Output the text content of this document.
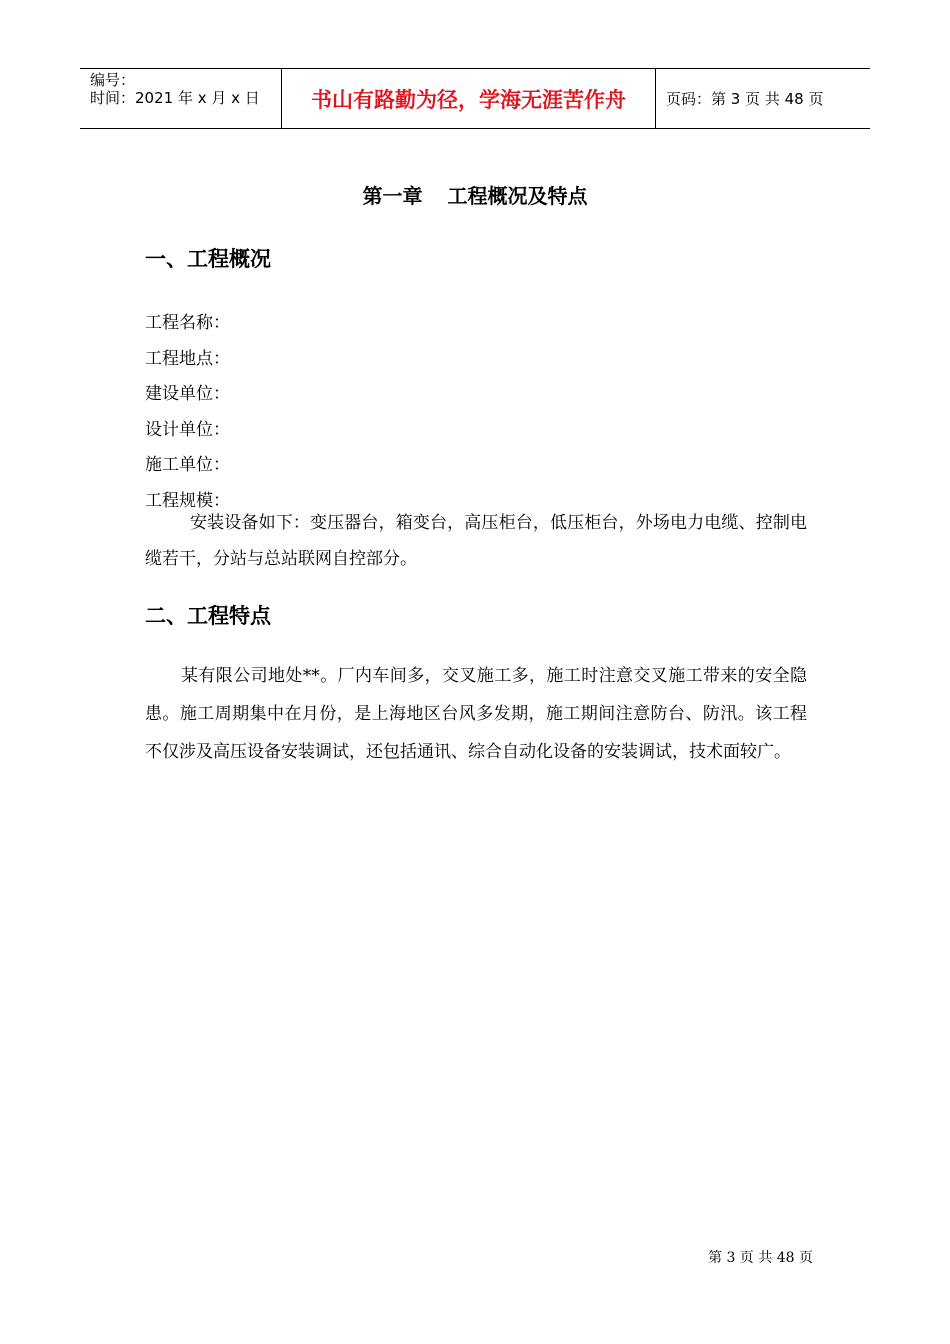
编号：
时间：2021 年 x 月 x 日	书山有路勤为径，学海无涯苦作舟	页码：第 3 页 共 48 页
第一章 工程概况及特点
一、工程概况
工程名称：
工程地点：
建设单位：
设计单位：
施工单位：
工程规模：
安装设备如下：变压器台，箱变台，高压柜台，低压柜台，外场电力电缆、控制电缆若干，分站与总站联网自控部分。
二、工程特点
某有限公司地处**。厂内车间多，交叉施工多，施工时注意交叉施工带来的安全隐患。施工周期集中在月份，是上海地区台风多发期，施工期间注意防台、防汛。该工程不仅涉及高压设备安装调试，还包括通讯、综合自动化设备的安装调试，技术面较广。
第 3 页 共 48 页
